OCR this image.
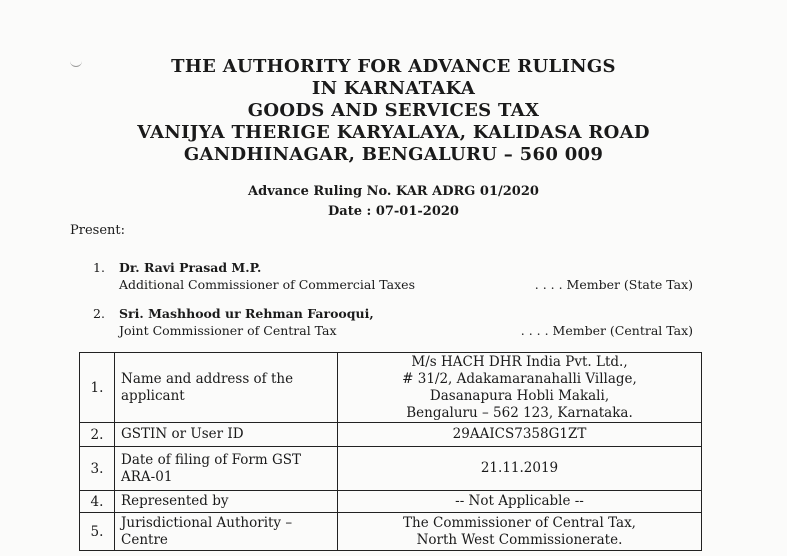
THE AUTHORITY FOR ADVANCE RULINGS
IN KARNATAKA
GOODS AND SERVICES TAX
VANIJYA THERIGE KARYALAYA, KALIDASA ROAD
GANDHINAGAR, BENGALURU – 560 009
Advance Ruling No. KAR ADRG 01/2020
Date : 07-01-2020
Present:
1. Dr. Ravi Prasad M.P.
Additional Commissioner of Commercial Taxes	. . . . Member (State Tax)
2. Sri. Mashhood ur Rehman Farooqui,
Joint Commissioner of Central Tax	. . . . Member (Central Tax)
1.	Name and address of the applicant	M/s HACH DHR India Pvt. Ltd.,
# 31/2, Adakamaranahalli Village,
Dasanapura Hobli Makali,
Bengaluru – 562 123, Karnataka.

2.	GSTIN or User ID	29AAICS7358G1ZT

3.	Date of filing of Form GST ARA-01	21.11.2019

4.	Represented by	-- Not Applicable --

5.	Jurisdictional Authority – Centre	The Commissioner of Central Tax,
North West Commissionerate.
